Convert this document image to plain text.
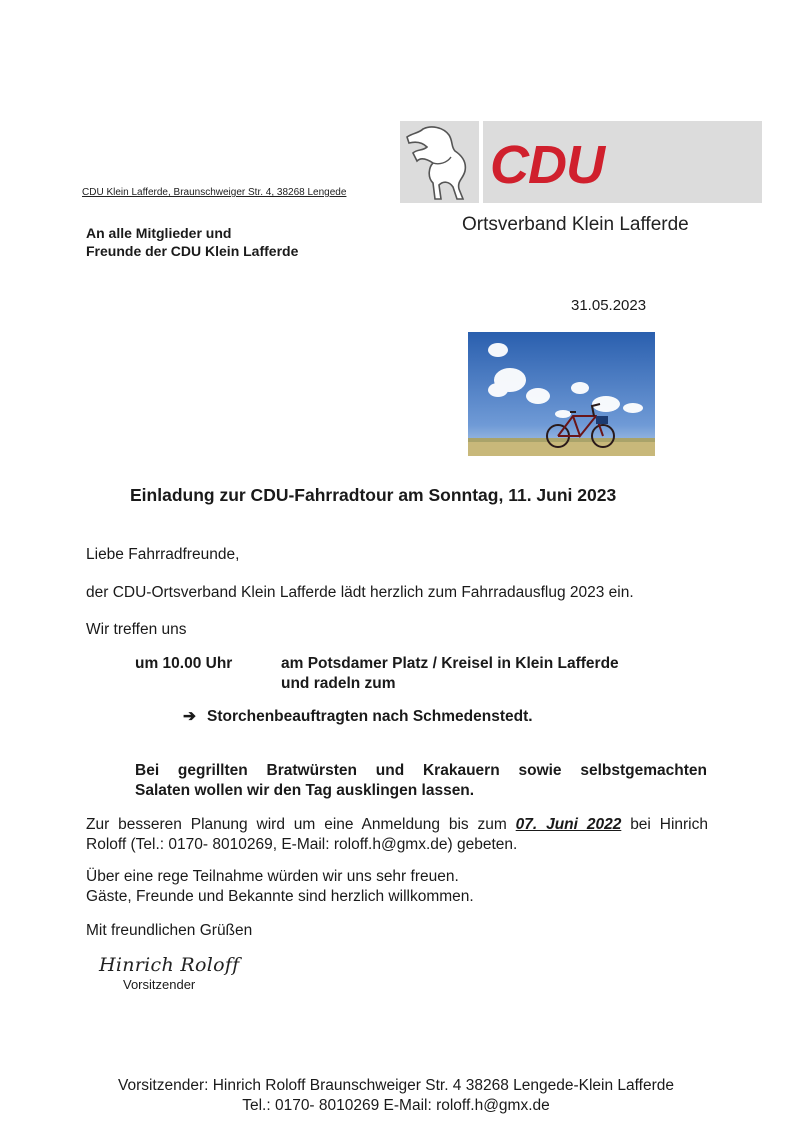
CDU
Ortsverband Klein Lafferde
CDU Klein Lafferde, Braunschweiger Str. 4, 38268 Lengede
An alle Mitglieder und
Freunde der CDU Klein Lafferde
31.05.2023
Einladung zur CDU-Fahrradtour am Sonntag, 11. Juni 2023
Liebe Fahrradfreunde,
der CDU-Ortsverband Klein Lafferde lädt herzlich zum Fahrradausflug 2023 ein.
Wir treffen uns
um 10.00 Uhr	am Potsdamer Platz / Kreisel in Klein Lafferde
und radeln zum
➔ Storchenbeauftragten nach Schmedenstedt.
Bei gegrillten Bratwürsten und Krakauern sowie selbstgemachten
Salaten wollen wir den Tag ausklingen lassen.
Zur besseren Planung wird um eine Anmeldung bis zum 07. Juni 2022 bei Hinrich
Roloff (Tel.: 0170- 8010269, E-Mail: roloff.h@gmx.de) gebeten.
Über eine rege Teilnahme würden wir uns sehr freuen.
Gäste, Freunde und Bekannte sind herzlich willkommen.
Mit freundlichen Grüßen
Hinrich Roloff
Vorsitzender
Vorsitzender: Hinrich Roloff Braunschweiger Str. 4 38268 Lengede-Klein Lafferde
Tel.: 0170- 8010269 E-Mail: roloff.h@gmx.de
